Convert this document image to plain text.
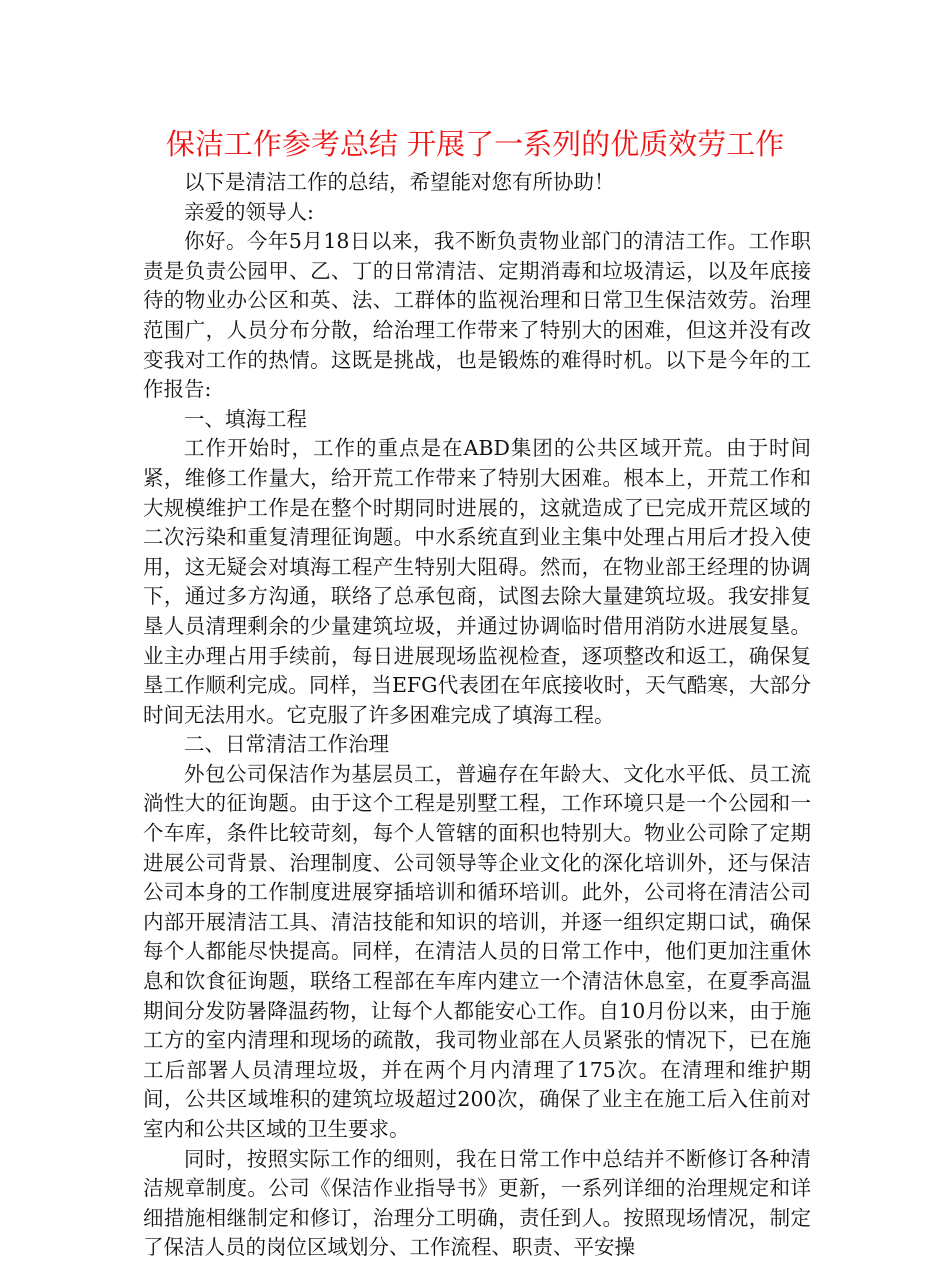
保洁工作参考总结 开展了一系列的优质效劳工作

以下是清洁工作的总结，希望能对您有所协助！

亲爱的领导人:

你好。今年5月18日以来，我不断负责物业部门的清洁工作。工作职责是负责公园甲、乙、丁的日常清洁、定期消毒和垃圾清运，以及年底接待的物业办公区和英、法、工群体的监视治理和日常卫生保洁效劳。治理范围广，人员分布分散，给治理工作带来了特别大的困难，但这并没有改变我对工作的热情。这既是挑战，也是锻炼的难得时机。以下是今年的工作报告:

一、填海工程

工作开始时，工作的重点是在ABD集团的公共区域开荒。由于时间紧，维修工作量大，给开荒工作带来了特别大困难。根本上，开荒工作和大规模维护工作是在整个时期同时进展的，这就造成了已完成开荒区域的二次污染和重复清理征询题。中水系统直到业主集中处理占用后才投入使用，这无疑会对填海工程产生特别大阻碍。然而，在物业部王经理的协调下，通过多方沟通，联络了总承包商，试图去除大量建筑垃圾。我安排复垦人员清理剩余的少量建筑垃圾，并通过协调临时借用消防水进展复垦。业主办理占用手续前，每日进展现场监视检查，逐项整改和返工，确保复垦工作顺利完成。同样，当EFG代表团在年底接收时，天气酷寒，大部分时间无法用水。它克服了许多困难完成了填海工程。

二、日常清洁工作治理

外包公司保洁作为基层员工，普遍存在年龄大、文化水平低、员工流淌性大的征询题。由于这个工程是别墅工程，工作环境只是一个公园和一个车库，条件比较苛刻，每个人管辖的面积也特别大。物业公司除了定期进展公司背景、治理制度、公司领导等企业文化的深化培训外，还与保洁公司本身的工作制度进展穿插培训和循环培训。此外，公司将在清洁公司内部开展清洁工具、清洁技能和知识的培训，并逐一组织定期口试，确保每个人都能尽快提高。同样，在清洁人员的日常工作中，他们更加注重休息和饮食征询题，联络工程部在车库内建立一个清洁休息室，在夏季高温期间分发防暑降温药物，让每个人都能安心工作。自10月份以来，由于施工方的室内清理和现场的疏散，我司物业部在人员紧张的情况下，已在施工后部署人员清理垃圾，并在两个月内清理了175次。在清理和维护期间，公共区域堆积的建筑垃圾超过200次，确保了业主在施工后入住前对室内和公共区域的卫生要求。

同时，按照实际工作的细则，我在日常工作中总结并不断修订各种清洁规章制度。公司《保洁作业指导书》更新，一系列详细的治理规定和详细措施相继制定和修订，治理分工明确，责任到人。按照现场情况，制定了保洁人员的岗位区域划分、工作流程、职责、平安操
